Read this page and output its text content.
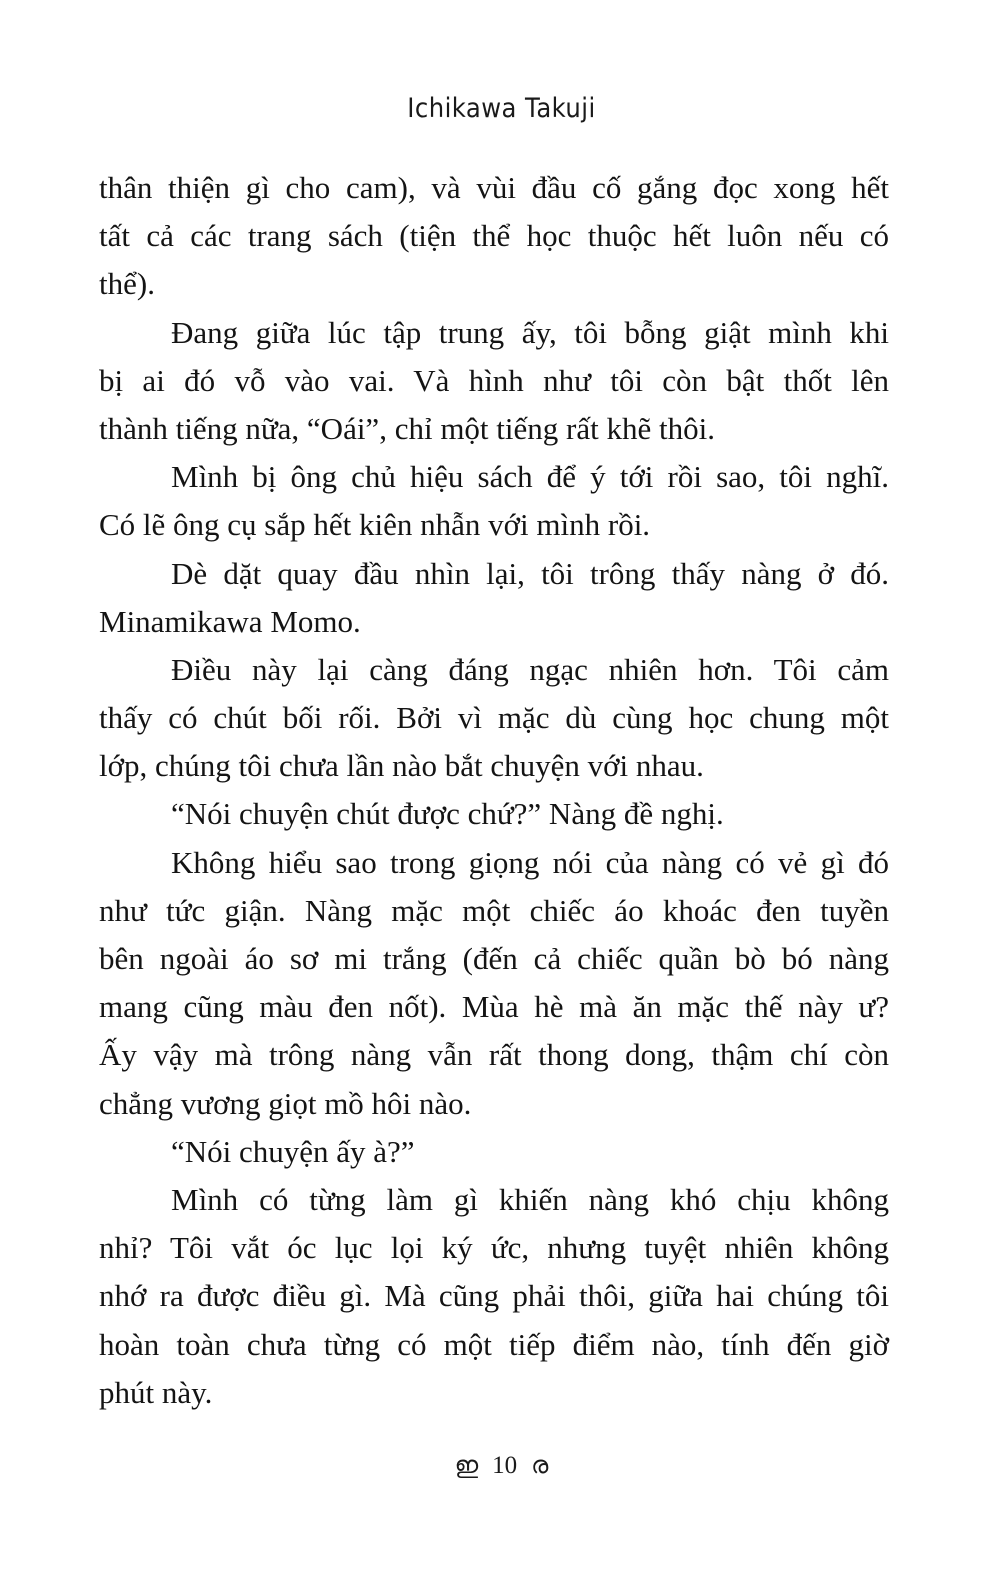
Ichikawa Takuji
thân thiện gì cho cam), và vùi đầu cố gắng đọc xong hết
tất cả các trang sách (tiện thể học thuộc hết luôn nếu có
thể).
Đang giữa lúc tập trung ấy, tôi bỗng giật mình khi
bị ai đó vỗ vào vai. Và hình như tôi còn bật thốt lên
thành tiếng nữa, “Oái”, chỉ một tiếng rất khẽ thôi.
Mình bị ông chủ hiệu sách để ý tới rồi sao, tôi nghĩ.
Có lẽ ông cụ sắp hết kiên nhẫn với mình rồi.
Dè dặt quay đầu nhìn lại, tôi trông thấy nàng ở đó.
Minamikawa Momo.
Điều này lại càng đáng ngạc nhiên hơn. Tôi cảm
thấy có chút bối rối. Bởi vì mặc dù cùng học chung một
lớp, chúng tôi chưa lần nào bắt chuyện với nhau.
“Nói chuyện chút được chứ?” Nàng đề nghị.
Không hiểu sao trong giọng nói của nàng có vẻ gì đó
như tức giận. Nàng mặc một chiếc áo khoác đen tuyền
bên ngoài áo sơ mi trắng (đến cả chiếc quần bò bó nàng
mang cũng màu đen nốt). Mùa hè mà ăn mặc thế này ư?
Ấy vậy mà trông nàng vẫn rất thong dong, thậm chí còn
chẳng vương giọt mồ hôi nào.
“Nói chuyện ấy à?”
Mình có từng làm gì khiến nàng khó chịu không
nhỉ? Tôi vắt óc lục lọi ký ức, nhưng tuyệt nhiên không
nhớ ra được điều gì. Mà cũng phải thôi, giữa hai chúng tôi
hoàn toàn chưa từng có một tiếp điểm nào, tính đến giờ
phút này.
ഇ 10 ര
